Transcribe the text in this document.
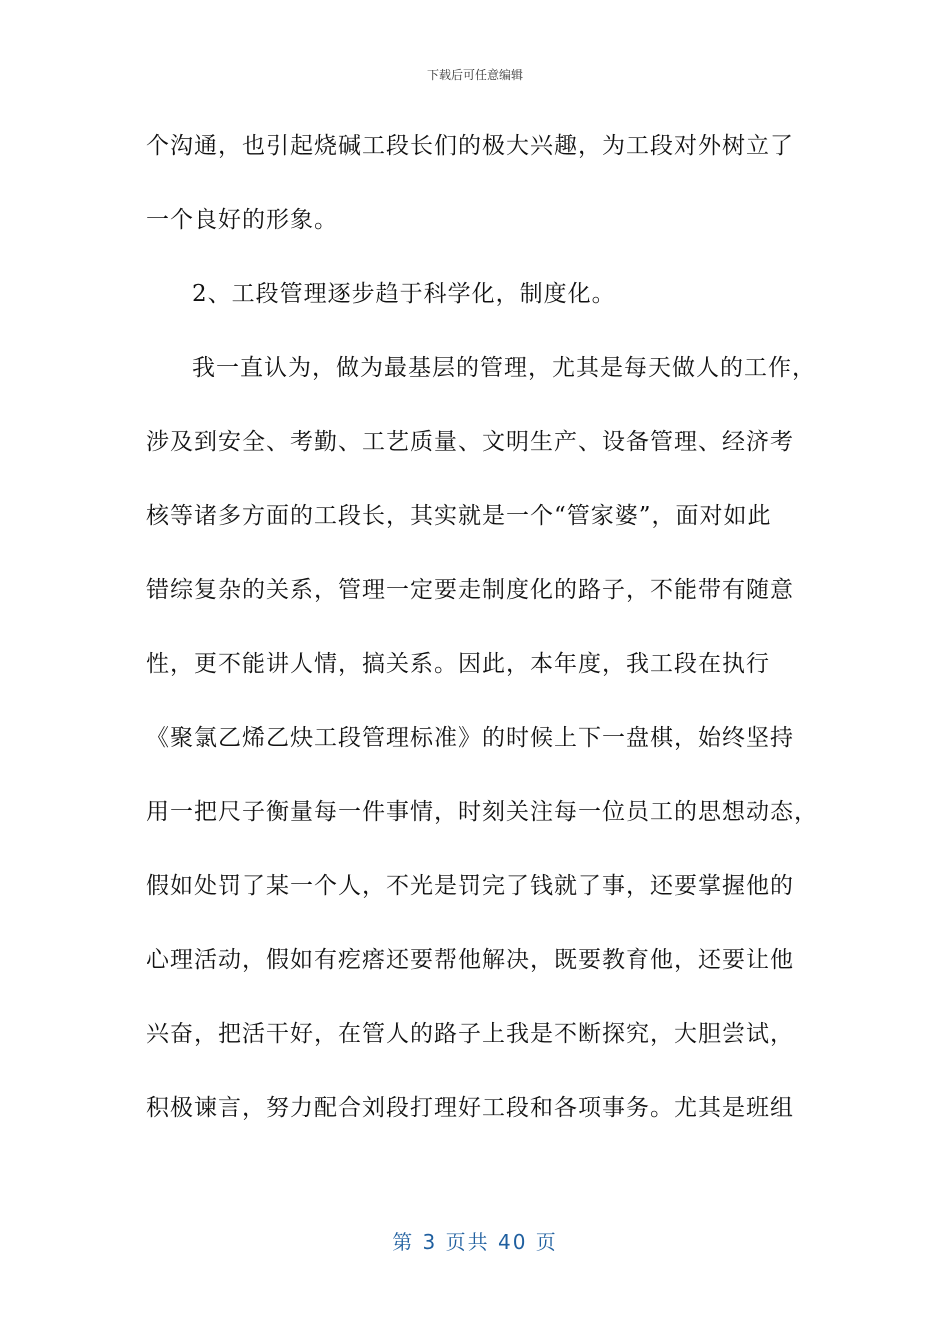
下载后可任意编辑
个沟通，也引起烧碱工段长们的极大兴趣，为工段对外树立了
一个良好的形象。
2、工段管理逐步趋于科学化，制度化。
我一直认为，做为最基层的管理，尤其是每天做人的工作，
涉及到安全、考勤、工艺质量、文明生产、设备管理、经济考
核等诸多方面的工段长，其实就是一个“管家婆”，面对如此
错综复杂的关系，管理一定要走制度化的路子，不能带有随意
性，更不能讲人情，搞关系。因此，本年度，我工段在执行
《聚氯乙烯乙炔工段管理标准》的时候上下一盘棋，始终坚持
用一把尺子衡量每一件事情，时刻关注每一位员工的思想动态，
假如处罚了某一个人，不光是罚完了钱就了事，还要掌握他的
心理活动，假如有疙瘩还要帮他解决，既要教育他，还要让他
兴奋，把活干好，在管人的路子上我是不断探究，大胆尝试，
积极谏言，努力配合刘段打理好工段和各项事务。尤其是班组
第 3 页共 40 页
